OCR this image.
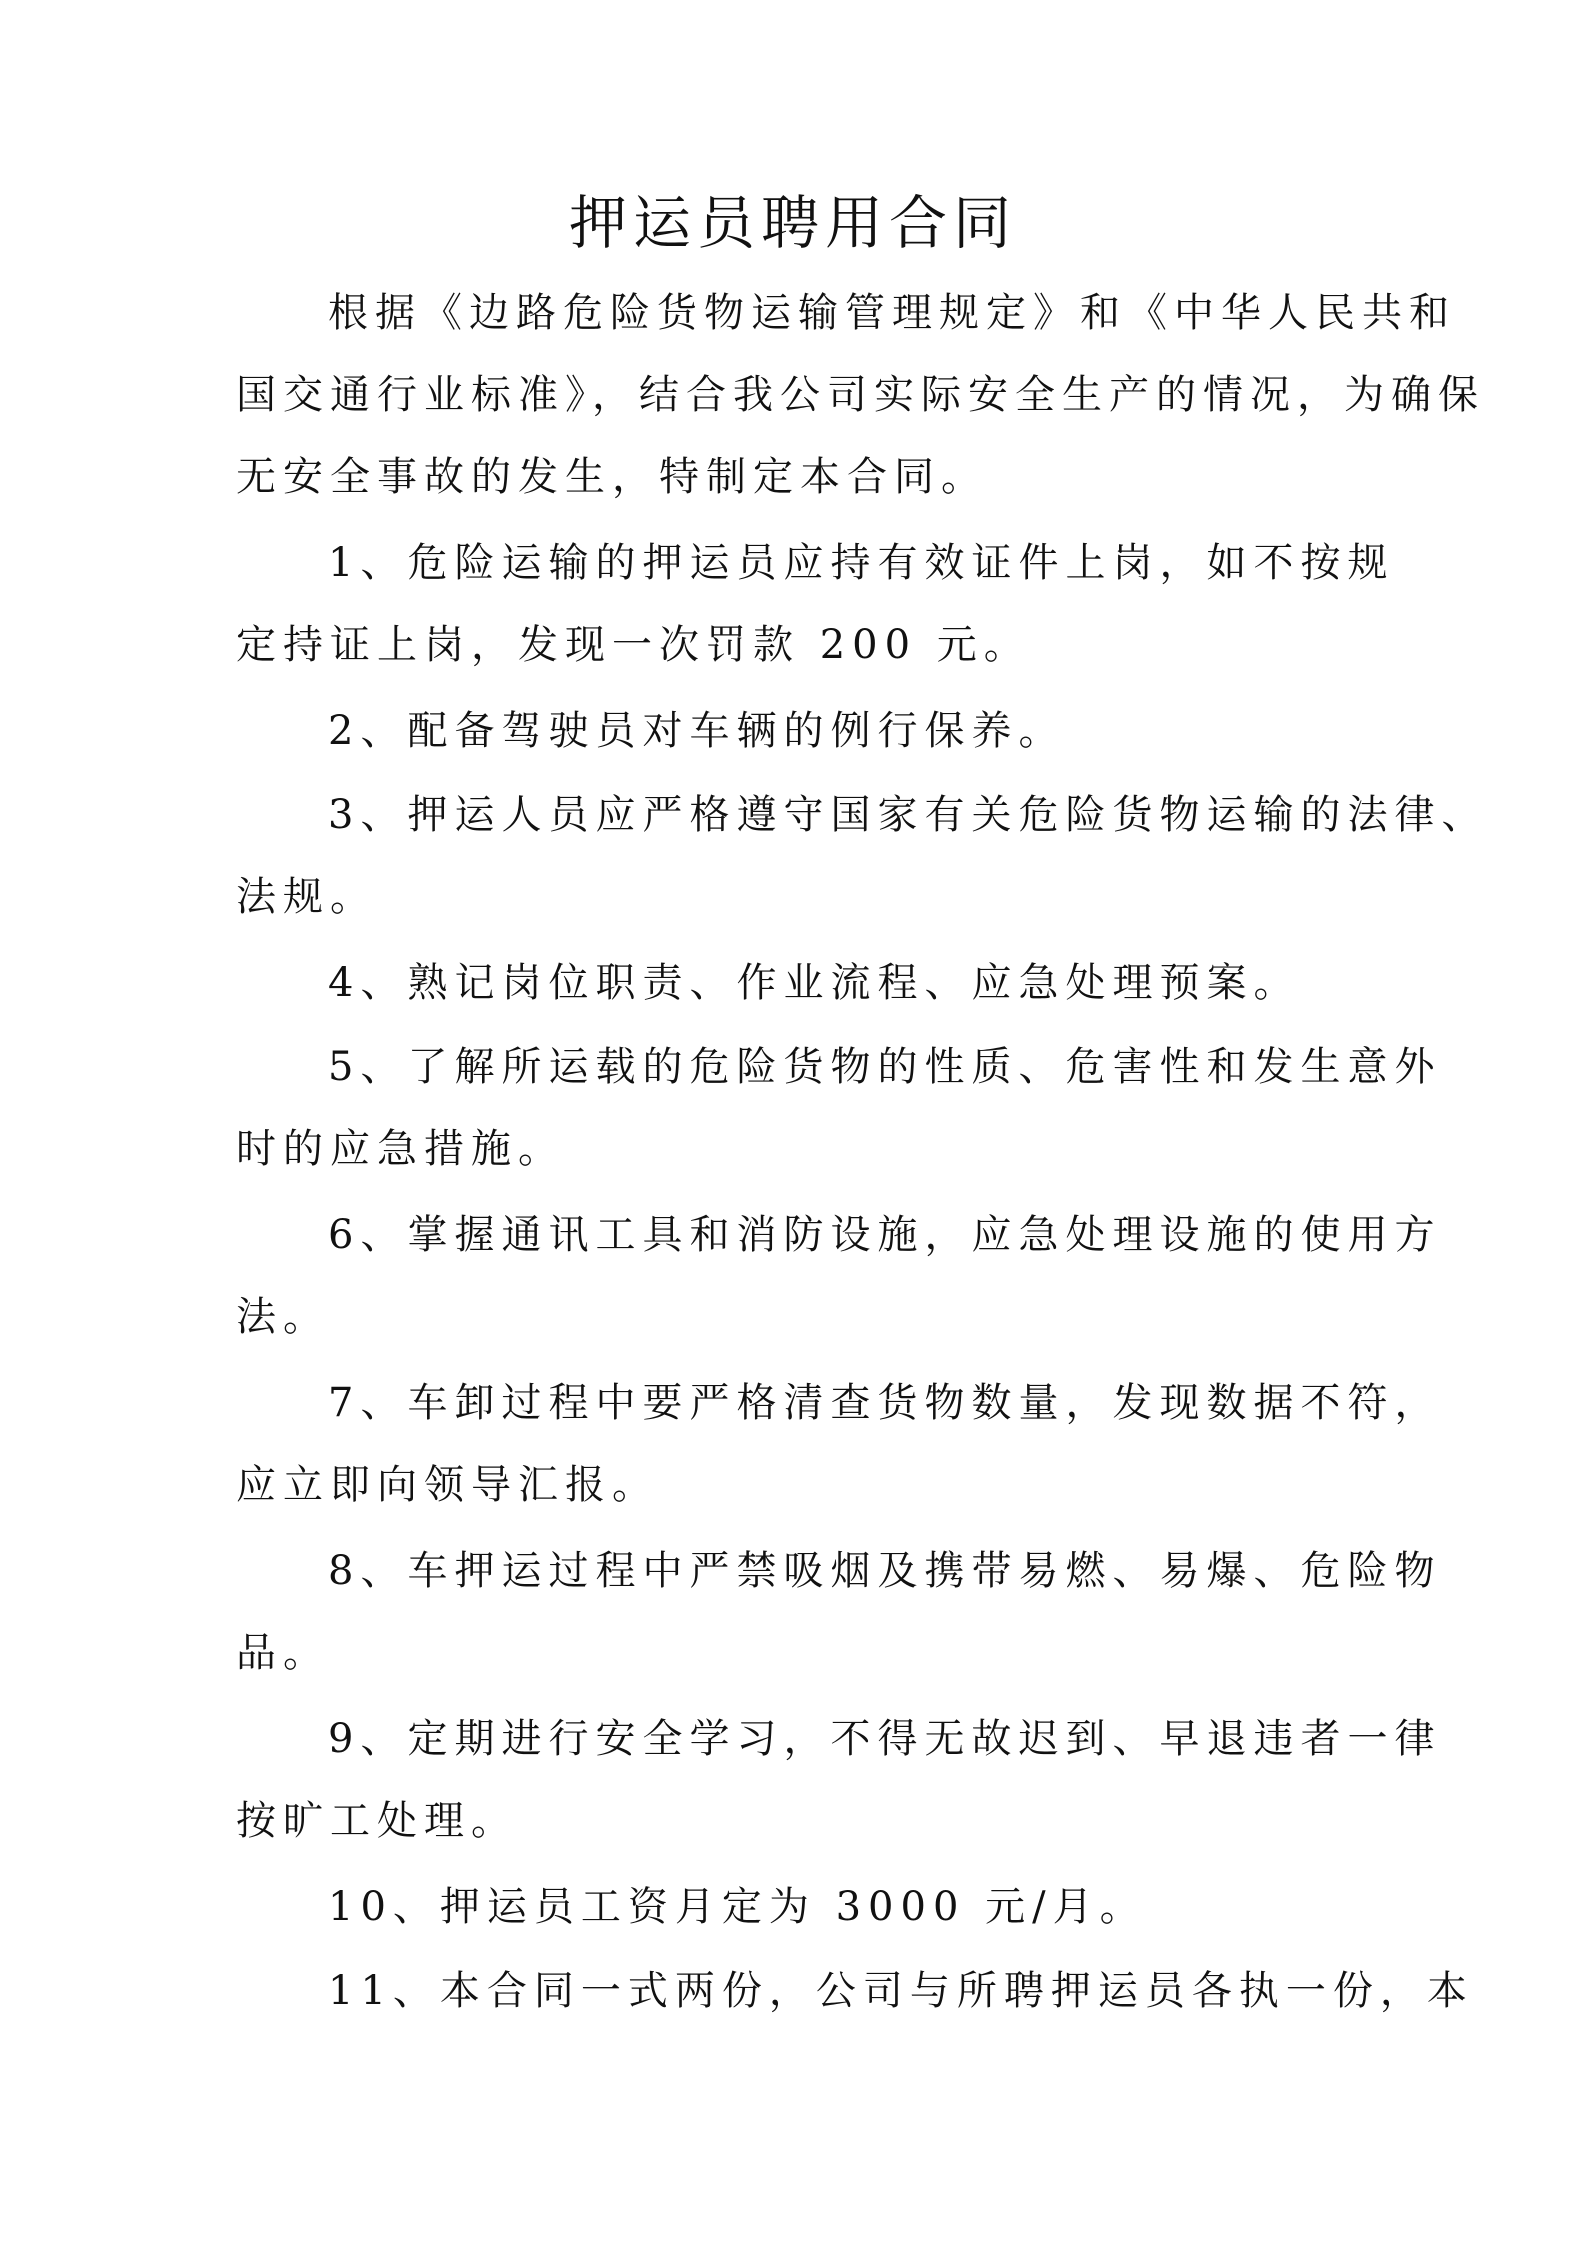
押运员聘用合同

根据《边路危险货物运输管理规定》和《中华人民共和

国交通行业标准》，结合我公司实际安全生产的情况，为确保

无安全事故的发生，特制定本合同。

1、危险运输的押运员应持有效证件上岗，如不按规

定持证上岗，发现一次罚款 200 元。

2、配备驾驶员对车辆的例行保养。

3、押运人员应严格遵守国家有关危险货物运输的法律、

法规。

4、熟记岗位职责、作业流程、应急处理预案。

5、了解所运载的危险货物的性质、危害性和发生意外

时的应急措施。

6、掌握通讯工具和消防设施，应急处理设施的使用方

法。

7、车卸过程中要严格清查货物数量，发现数据不符，

应立即向领导汇报。

8、车押运过程中严禁吸烟及携带易燃、易爆、危险物

品。

9、定期进行安全学习，不得无故迟到、早退违者一律

按旷工处理。

10、押运员工资月定为 3000 元/月。

11、本合同一式两份，公司与所聘押运员各执一份，本
